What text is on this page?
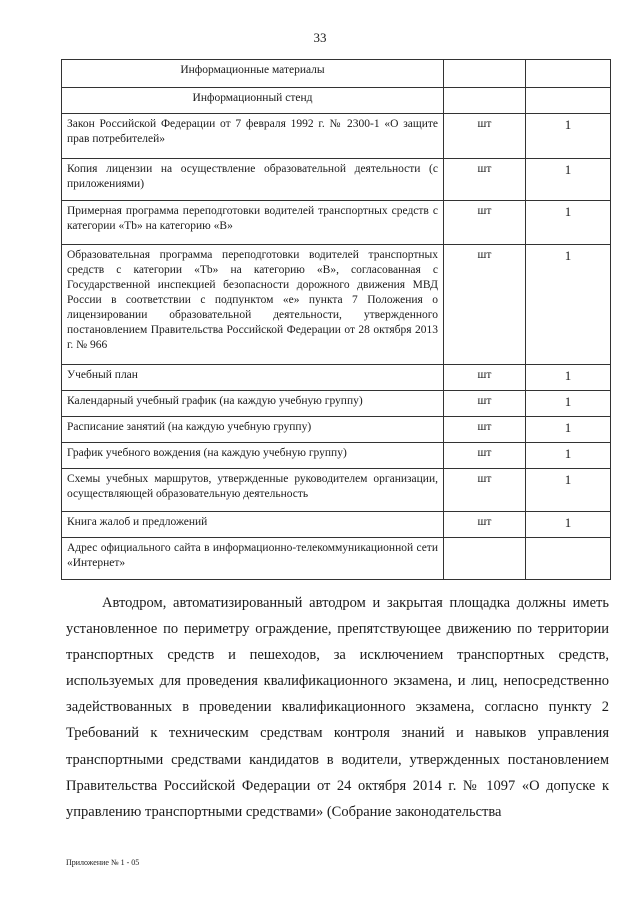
33
Информационные материалы		
Информационный стенд		
Закон Российской Федерации от 7 февраля 1992 г. № 2300-1 «О защите прав потребителей»	шт	1
Копия лицензии на осуществление образовательной деятельности (с приложениями)	шт	1
Примерная программа переподготовки водителей транспортных средств с категории «Tb» на категорию «B»	шт	1
Образовательная программа переподготовки водителей транспортных средств с категории «Tb» на категорию «B», согласованная с Государственной инспекцией безопасности дорожного движения МВД России в соответствии с подпунктом «е» пункта 7 Положения о лицензировании образовательной деятельности, утвержденного постановлением Правительства Российской Федерации от 28 октября 2013 г. № 966	шт	1
Учебный план	шт	1
Календарный учебный график (на каждую учебную группу)	шт	1
Расписание занятий (на каждую учебную группу)	шт	1
График учебного вождения (на каждую учебную группу)	шт	1
Схемы учебных маршрутов, утвержденные руководителем организации, осуществляющей образовательную деятельность	шт	1
Книга жалоб и предложений	шт	1
Адрес официального сайта в информационно-телекоммуникационной сети «Интернет»		

Автодром, автоматизированный автодром и закрытая площадка должны иметь установленное по периметру ограждение, препятствующее движению по территории транспортных средств и пешеходов, за исключением транспортных средств, используемых для проведения квалификационного экзамена, и лиц, непосредственно задействованных в проведении квалификационного экзамена, согласно пункту 2 Требований к техническим средствам контроля знаний и навыков управления транспортными средствами кандидатов в водители, утвержденных постановлением Правительства Российской Федерации от 24 октября 2014 г. № 1097 «О допуске к управлению транспортными средствами» (Собрание законодательства

Приложение № 1 - 05
